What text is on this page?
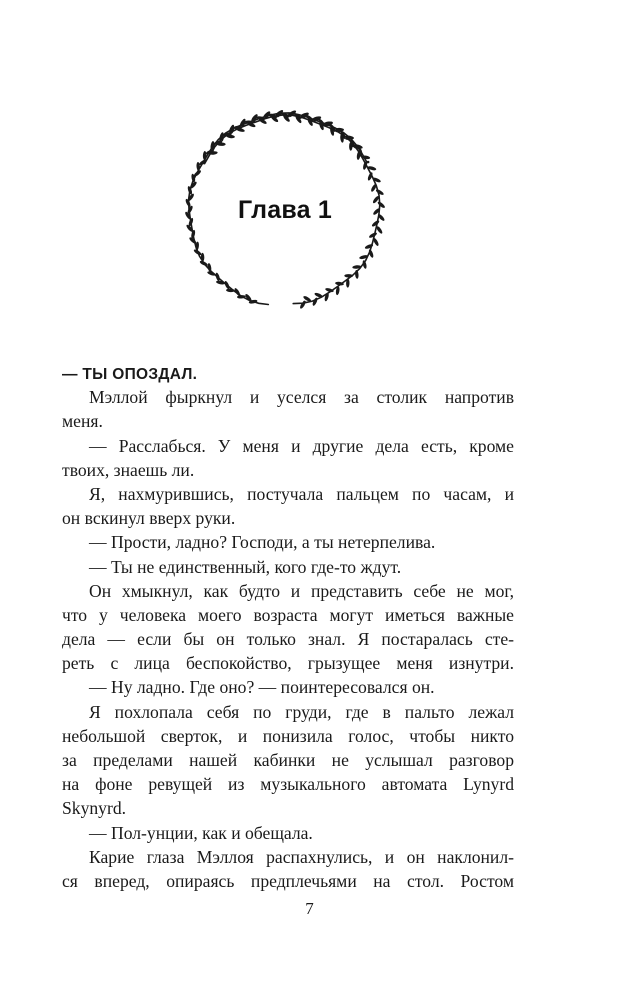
Глава 1
— ТЫ ОПОЗДАЛ.
Мэллой фыркнул и уселся за столик напротив
меня.
— Расслабься. У меня и другие дела есть, кроме
твоих, знаешь ли.
Я, нахмурившись, постучала пальцем по часам, и
он вскинул вверх руки.
— Прости, ладно? Господи, а ты нетерпелива.
— Ты не единственный, кого где-то ждут.
Он хмыкнул, как будто и представить себе не мог,
что у человека моего возраста могут иметься важные
дела — если бы он только знал. Я постаралась сте-
реть с лица беспокойство, грызущее меня изнутри.
— Ну ладно. Где оно? — поинтересовался он.
Я похлопала себя по груди, где в пальто лежал
небольшой сверток, и понизила голос, чтобы никто
за пределами нашей кабинки не услышал разговор
на фоне ревущей из музыкального автомата Lynyrd
Skynyrd.
— Пол-унции, как и обещала.
Карие глаза Мэллоя распахнулись, и он наклонил-
ся вперед, опираясь предплечьями на стол. Ростом
7
